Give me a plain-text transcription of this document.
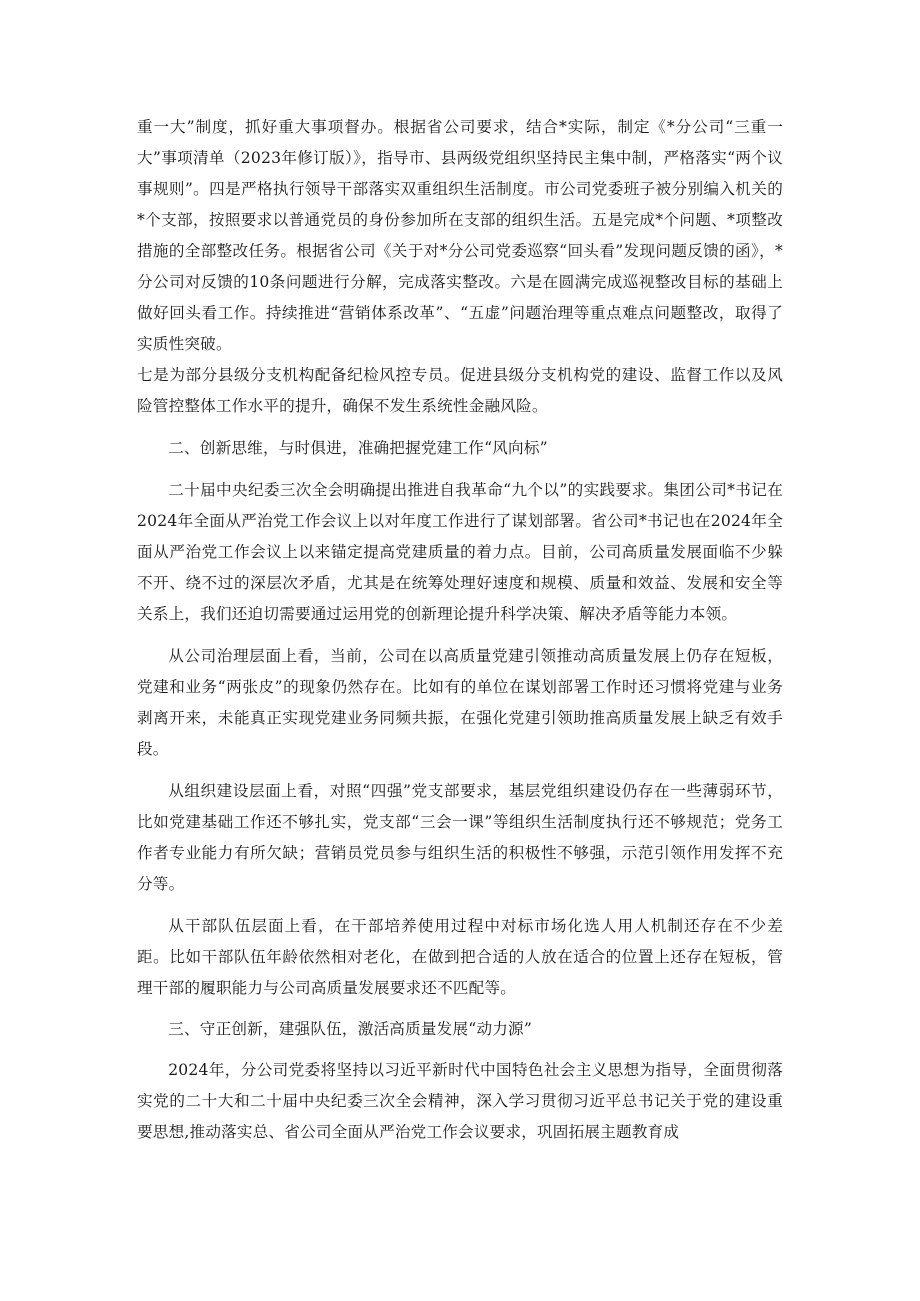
重一大”制度，抓好重大事项督办。根据省公司要求，结合*实际，制定《*分公司“三重一大”事项清单（2023年修订版）》，指导市、县两级党组织坚持民主集中制，严格落实“两个议事规则”。四是严格执行领导干部落实双重组织生活制度。市公司党委班子被分别编入机关的*个支部，按照要求以普通党员的身份参加所在支部的组织生活。五是完成*个问题、*项整改措施的全部整改任务。根据省公司《关于对*分公司党委巡察“回头看”发现问题反馈的函》，*分公司对反馈的10条问题进行分解，完成落实整改。六是在圆满完成巡视整改目标的基础上做好回头看工作。持续推进“营销体系改革”、“五虚”问题治理等重点难点问题整改，取得了实质性突破。

七是为部分县级分支机构配备纪检风控专员。促进县级分支机构党的建设、监督工作以及风险管控整体工作水平的提升，确保不发生系统性金融风险。

二、创新思维，与时俱进，准确把握党建工作“风向标”

二十届中央纪委三次全会明确提出推进自我革命“九个以”的实践要求。集团公司*书记在2024年全面从严治党工作会议上以对年度工作进行了谋划部署。省公司*书记也在2024年全面从严治党工作会议上以来锚定提高党建质量的着力点。目前，公司高质量发展面临不少躲不开、绕不过的深层次矛盾，尤其是在统筹处理好速度和规模、质量和效益、发展和安全等关系上，我们还迫切需要通过运用党的创新理论提升科学决策、解决矛盾等能力本领。

从公司治理层面上看，当前，公司在以高质量党建引领推动高质量发展上仍存在短板，党建和业务“两张皮”的现象仍然存在。比如有的单位在谋划部署工作时还习惯将党建与业务剥离开来，未能真正实现党建业务同频共振，在强化党建引领助推高质量发展上缺乏有效手段。

从组织建设层面上看，对照“四强”党支部要求，基层党组织建设仍存在一些薄弱环节，比如党建基础工作还不够扎实，党支部“三会一课”等组织生活制度执行还不够规范；党务工作者专业能力有所欠缺；营销员党员参与组织生活的积极性不够强，示范引领作用发挥不充分等。

从干部队伍层面上看，在干部培养使用过程中对标市场化选人用人机制还存在不少差距。比如干部队伍年龄依然相对老化，在做到把合适的人放在适合的位置上还存在短板，管理干部的履职能力与公司高质量发展要求还不匹配等。

三、守正创新，建强队伍，激活高质量发展“动力源”

2024年，分公司党委将坚持以习近平新时代中国特色社会主义思想为指导，全面贯彻落实党的二十大和二十届中央纪委三次全会精神，深入学习贯彻习近平总书记关于党的建设重要思想,推动落实总、省公司全面从严治党工作会议要求，巩固拓展主题教育成
